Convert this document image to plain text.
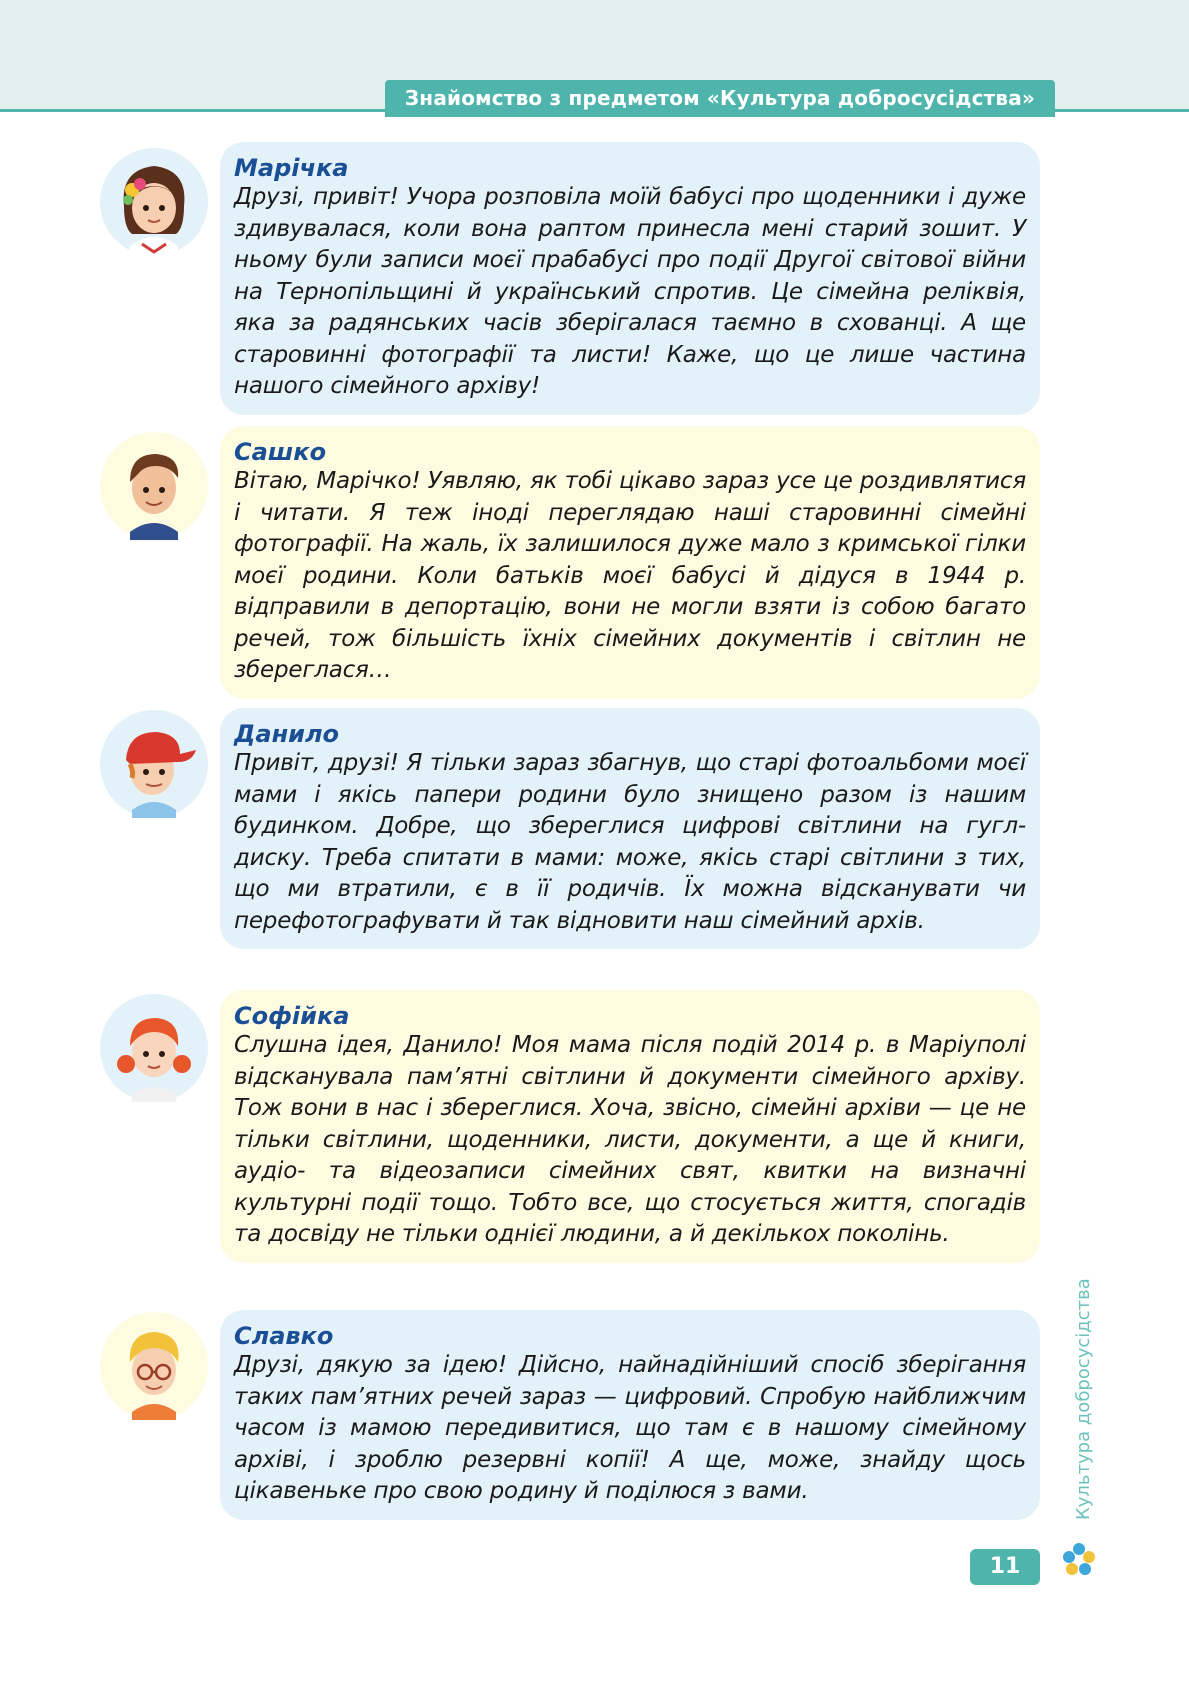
Знайомство з предметом «Культура добросусідства»
Марічка

Друзі, привіт! Учора розповіла моїй бабусі про щоденники і дуже здивувалася, коли вона раптом принесла мені старий зошит. У ньому були записи моєї прабабусі про події Другої світової війни на Тернопільщині й український спротив. Це сімейна реліквія, яка за радянських часів зберігалася таємно в схованці. А ще старовинні фотографії та листи! Каже, що це лише частина нашого сімейного архіву!

Сашко

Вітаю, Марічко! Уявляю, як тобі цікаво зараз усе це роздивлятися і читати. Я теж іноді переглядаю наші старовинні сімейні фотографії. На жаль, їх залишилося дуже мало з кримської гілки моєї родини. Коли батьків моєї бабусі й дідуся в 1944 р. відправили в депортацію, вони не могли взяти із собою багато речей, тож більшість їхніх сімейних документів і світлин не збереглася…

Данило

Привіт, друзі! Я тільки зараз збагнув, що старі фотоальбоми моєї мами і якісь папери родини було знищено разом із нашим будинком. Добре, що збереглися цифрові світлини на гугл-диску. Треба спитати в мами: може, якісь старі світлини з тих, що ми втратили, є в її родичів. Їх можна відсканувати чи перефотографувати й так відновити наш сімейний архів.

Софійка

Слушна ідея, Данило! Моя мама після подій 2014 р. в Маріуполі відсканувала пам’ятні світлини й документи сімейного архіву. Тож вони в нас і збереглися. Хоча, звісно, сімейні архіви — це не тільки світлини, щоденники, листи, документи, а ще й книги, аудіо- та відеозаписи сімейних свят, квитки на визначні культурні події тощо. Тобто все, що стосується життя, спогадів та досвіду не тільки однієї людини, а й декількох поколінь.

Славко

Друзі, дякую за ідею! Дійсно, найнадійніший спосіб зберігання таких пам’ятних речей зараз — цифровий. Спробую найближчим часом із мамою передивитися, що там є в нашому сімейному архіві, і зроблю резервні копії! А ще, може, знайду щось цікавеньке про свою родину й поділюся з вами.	Культура добросусідства
11
